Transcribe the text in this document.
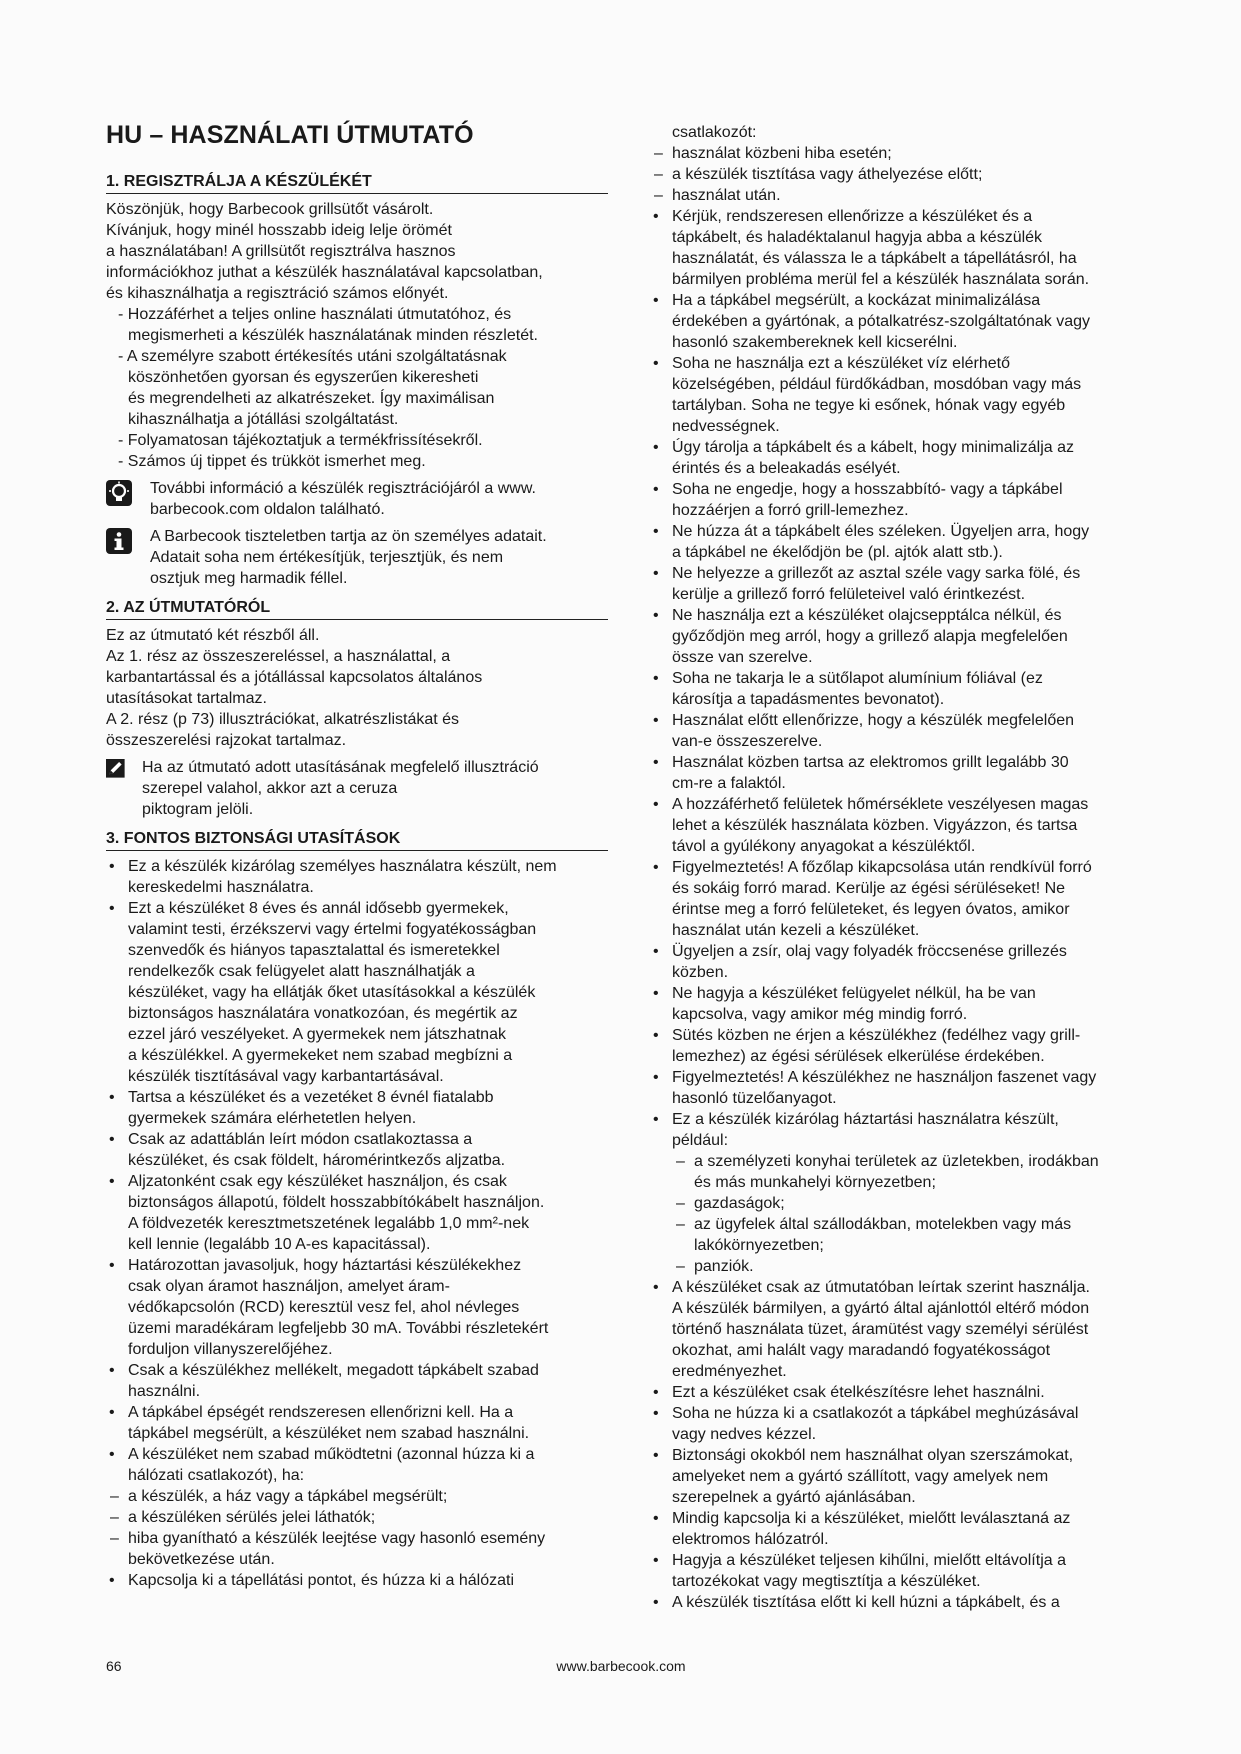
HU – HASZNÁLATI ÚTMUTATÓ
1. REGISZTRÁLJA A KÉSZÜLÉKÉT

Köszönjük, hogy Barbecook grillsütőt vásárolt.

Kívánjuk, hogy minél hosszabb ideig lelje örömét

a használatában! A grillsütőt regisztrálva hasznos

információkhoz juthat a készülék használatával kapcsolatban,

és kihasználhatja a regisztráció számos előnyét.

- Hozzáférhet a teljes online használati útmutatóhoz, és

megismerheti a készülék használatának minden részletét.

- A személyre szabott értékesítés utáni szolgáltatásnak

köszönhetően gyorsan és egyszerűen kikeresheti

és megrendelheti az alkatrészeket. Így maximálisan

kihasználhatja a jótállási szolgáltatást.

- Folyamatosan tájékoztatjuk a termékfrissítésekről.

- Számos új tippet és trükköt ismerhet meg.

További információ a készülék regisztrációjáról a www.

barbecook.com oldalon található.

A Barbecook tiszteletben tartja az ön személyes adatait.

Adatait soha nem értékesítjük, terjesztjük, és nem

osztjuk meg harmadik féllel.

2. AZ ÚTMUTATÓRÓL

Ez az útmutató két részből áll.

Az 1. rész az összeszereléssel, a használattal, a

karbantartással és a jótállással kapcsolatos általános

utasításokat tartalmaz.

A 2. rész (p 73) illusztrációkat, alkatrészlistákat és

összeszerelési rajzokat tartalmaz.

Ha az útmutató adott utasításának megfelelő illusztráció

szerepel valahol, akkor azt a ceruza

piktogram jelöli.

3. FONTOS BIZTONSÁGI UTASÍTÁSOK
• Ez a készülék kizárólag személyes használatra készült, nem
kereskedelmi használatra.
• Ezt a készüléket 8 éves és annál idősebb gyermekek,
valamint testi, érzékszervi vagy értelmi fogyatékosságban
szenvedők és hiányos tapasztalattal és ismeretekkel
rendelkezők csak felügyelet alatt használhatják a
készüléket, vagy ha ellátják őket utasításokkal a készülék
biztonságos használatára vonatkozóan, és megértik az
ezzel járó veszélyeket. A gyermekek nem játszhatnak
a készülékkel. A gyermekeket nem szabad megbízni a
készülék tisztításával vagy karbantartásával.
• Tartsa a készüléket és a vezetéket 8 évnél fiatalabb
gyermekek számára elérhetetlen helyen.
• Csak az adattáblán leírt módon csatlakoztassa a
készüléket, és csak földelt, háromérintkezős aljzatba.
• Aljzatonként csak egy készüléket használjon, és csak
biztonságos állapotú, földelt hosszabbítókábelt használjon.
A földvezeték keresztmetszetének legalább 1,0 mm²-nek
kell lennie (legalább 10 A-es kapacitással).
• Határozottan javasoljuk, hogy háztartási készülékekhez
csak olyan áramot használjon, amelyet áram-
védőkapcsolón (RCD) keresztül vesz fel, ahol névleges
üzemi maradékáram legfeljebb 30 mA. További részletekért
forduljon villanyszerelőjéhez.
• Csak a készülékhez mellékelt, megadott tápkábelt szabad
használni.
• A tápkábel épségét rendszeresen ellenőrizni kell. Ha a
tápkábel megsérült, a készüléket nem szabad használni.
• A készüléket nem szabad működtetni (azonnal húzza ki a
hálózati csatlakozót), ha:
– a készülék, a ház vagy a tápkábel megsérült;
– a készüléken sérülés jelei láthatók;
– hiba gyanítható a készülék leejtése vagy hasonló esemény
bekövetkezése után.
• Kapcsolja ki a tápellátási pontot, és húzza ki a hálózati

csatlakozót:

– használat közbeni hiba esetén;
– a készülék tisztítása vagy áthelyezése előtt;
– használat után.
• Kérjük, rendszeresen ellenőrizze a készüléket és a
tápkábelt, és haladéktalanul hagyja abba a készülék
használatát, és válassza le a tápkábelt a tápellátásról, ha
bármilyen probléma merül fel a készülék használata során.
• Ha a tápkábel megsérült, a kockázat minimalizálása
érdekében a gyártónak, a pótalkatrész-szolgáltatónak vagy
hasonló szakembereknek kell kicserélni.
• Soha ne használja ezt a készüléket víz elérhető
közelségében, például fürdőkádban, mosdóban vagy más
tartályban. Soha ne tegye ki esőnek, hónak vagy egyéb
nedvességnek.
• Úgy tárolja a tápkábelt és a kábelt, hogy minimalizálja az
érintés és a beleakadás esélyét.
• Soha ne engedje, hogy a hosszabbító- vagy a tápkábel
hozzáérjen a forró grill-lemezhez.
• Ne húzza át a tápkábelt éles széleken. Ügyeljen arra, hogy
a tápkábel ne ékelődjön be (pl. ajtók alatt stb.).
• Ne helyezze a grillezőt az asztal széle vagy sarka fölé, és
kerülje a grillező forró felületeivel való érintkezést.
• Ne használja ezt a készüléket olajcsepptálca nélkül, és
győződjön meg arról, hogy a grillező alapja megfelelően
össze van szerelve.
• Soha ne takarja le a sütőlapot alumínium fóliával (ez
károsítja a tapadásmentes bevonatot).
• Használat előtt ellenőrizze, hogy a készülék megfelelően
van-e összeszerelve.
• Használat közben tartsa az elektromos grillt legalább 30
cm-re a falaktól.
• A hozzáférhető felületek hőmérséklete veszélyesen magas
lehet a készülék használata közben. Vigyázzon, és tartsa
távol a gyúlékony anyagokat a készüléktől.
• Figyelmeztetés! A főzőlap kikapcsolása után rendkívül forró
és sokáig forró marad. Kerülje az égési sérüléseket! Ne
érintse meg a forró felületeket, és legyen óvatos, amikor
használat után kezeli a készüléket.
• Ügyeljen a zsír, olaj vagy folyadék fröccsenése grillezés
közben.
• Ne hagyja a készüléket felügyelet nélkül, ha be van
kapcsolva, vagy amikor még mindig forró.
• Sütés közben ne érjen a készülékhez (fedélhez vagy grill-
lemezhez) az égési sérülések elkerülése érdekében.
• Figyelmeztetés! A készülékhez ne használjon faszenet vagy
hasonló tüzelőanyagot.
• Ez a készülék kizárólag háztartási használatra készült,
például:
– a személyzeti konyhai területek az üzletekben, irodákban
és más munkahelyi környezetben;
– gazdaságok;
– az ügyfelek által szállodákban, motelekben vagy más
lakókörnyezetben;
– panziók.
• A készüléket csak az útmutatóban leírtak szerint használja.
A készülék bármilyen, a gyártó által ajánlottól eltérő módon
történő használata tüzet, áramütést vagy személyi sérülést
okozhat, ami halált vagy maradandó fogyatékosságot
eredményezhet.
• Ezt a készüléket csak ételkészítésre lehet használni.
• Soha ne húzza ki a csatlakozót a tápkábel meghúzásával
vagy nedves kézzel.
• Biztonsági okokból nem használhat olyan szerszámokat,
amelyeket nem a gyártó szállított, vagy amelyek nem
szerepelnek a gyártó ajánlásában.
• Mindig kapcsolja ki a készüléket, mielőtt leválasztaná az
elektromos hálózatról.
• Hagyja a készüléket teljesen kihűlni, mielőtt eltávolítja a
tartozékokat vagy megtisztítja a készüléket.
• A készülék tisztítása előtt ki kell húzni a tápkábelt, és a
66	www.barbecook.com
